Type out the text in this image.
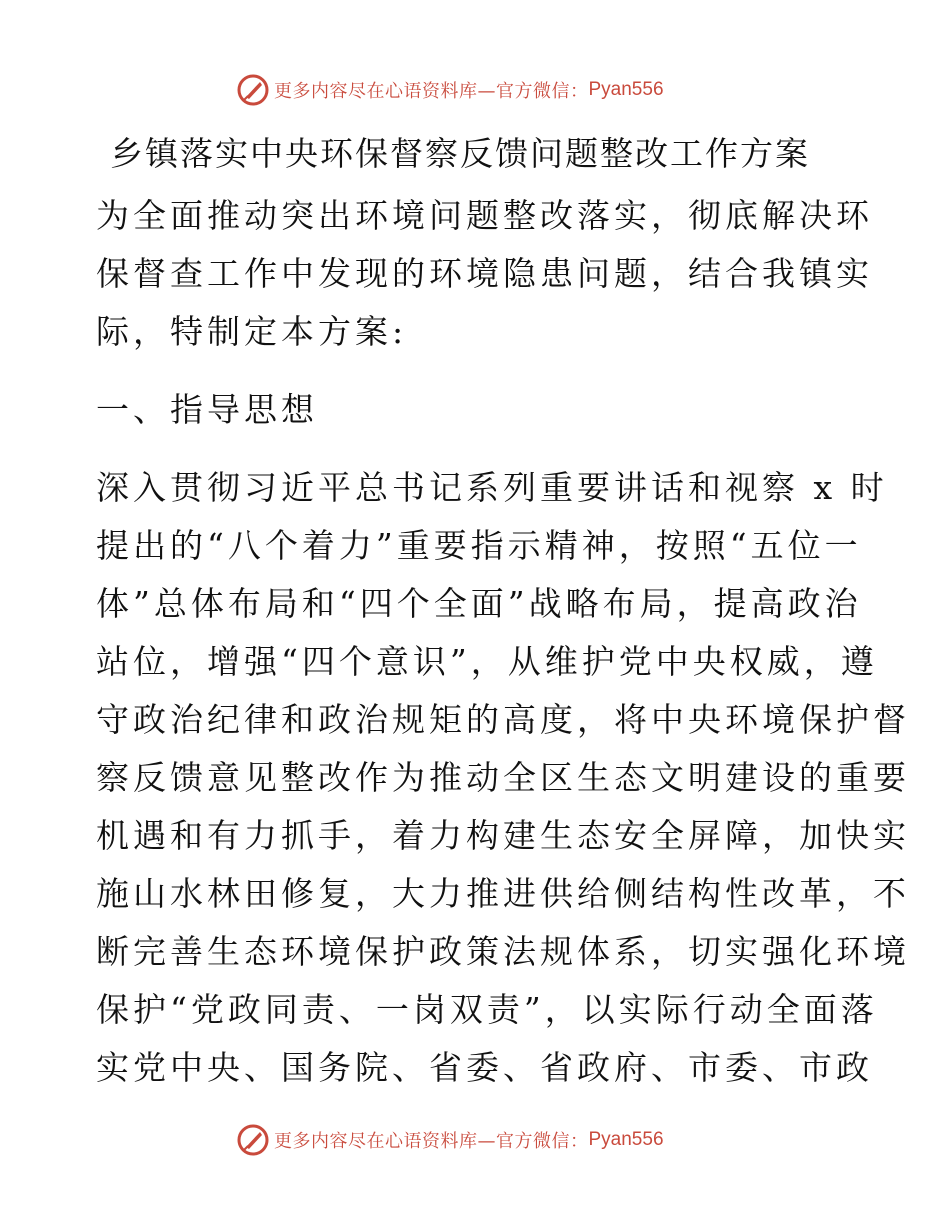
更多内容尽在心语资料库—官方微信： Pyan556
乡镇落实中央环保督察反馈问题整改工作方案
为全面推动突出环境问题整改落实，彻底解决环
保督查工作中发现的环境隐患问题，结合我镇实
际，特制定本方案:
一、指导思想
深入贯彻习近平总书记系列重要讲话和视察 x 时
提出的“八个着力”重要指示精神，按照“五位一
体”总体布局和“四个全面”战略布局，提高政治
站位，增强“四个意识”，从维护党中央权威，遵
守政治纪律和政治规矩的高度，将中央环境保护督
察反馈意见整改作为推动全区生态文明建设的重要
机遇和有力抓手，着力构建生态安全屏障，加快实
施山水林田修复，大力推进供给侧结构性改革，不
断完善生态环境保护政策法规体系，切实强化环境
保护“党政同责、一岗双责”，以实际行动全面落
实党中央、国务院、省委、省政府、市委、市政
更多内容尽在心语资料库—官方微信： Pyan556
